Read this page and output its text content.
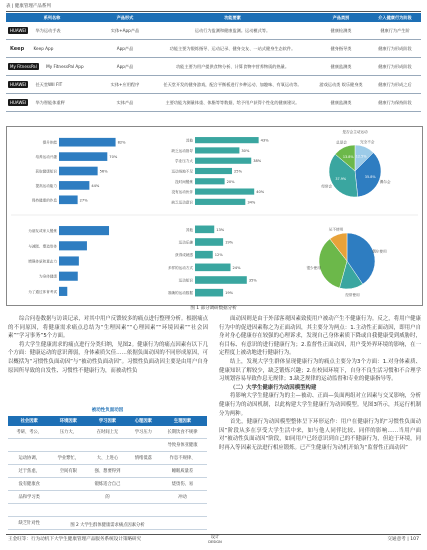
表 | 健康管理产品系列
系列名称	产品形式	功能要素	产品类别	介入健康行为阶段
HUAWEI 华为运动手表	实体+App产品	运动行为监测和健康监测。运动模式等。	健康检测类	健康行为产生阶
Keep Keep App	App产品	功能主要为锻炼指导、运动记录、健身交友、一站式健身生态软件。	健身指导类	健康行为形成阶段
My FitnessPal My FitnessPal App	App产品	功能主要为用户提供食物分析、计算食物中营养物质的热量。	健康监测类	健康行为形成阶段
HUAWEI 任天堂WII FIT	实体+应用程序	任天堂开发的健身游戏，配合平衡板进行多种运动、加趣味、有氧运动等。	游戏运动类 娱乐健身类	健康行为形成之后
HUAWEI 华为智能体重秤	实体产品	主要功能为测量体重、体脂等等数据，给予用户获得个性化的健康建议。	健康监测类	健康行为保持阶段
提升体能	82%
培养运动兴趣	70%
获取健康知识	56%
提高运动能力	44%
保持健康的作息	27%
其他	43%
缺乏运动指导	30%
学业压力大	38%
运动场地不足	25%
没时间锻炼	20%
没有运动伙伴	40%
缺乏运动意识	34%
完全不会
12.5%
偶尔会
35.8%
经常会
37.9%
总是会
13.8%
是否会主动运动
为朋友或家人锻炼
与减肥、塑造形体
增强体质和意志力
为身体健康
为了通过体育考试
其他	13%
运动乐趣	19%
获得成就感	12%
多样的运动方式	24%
运动知识	35%
准确的运动数据	19%
偶尔使用
经常使用
很少使用
从不使用
图 1 部分调研数据分析
综合问卷数据与访谈记录，对其中用户反馈较多的痛点进行整理分析。根据痛点的不同原因，将健康需求痛点总结为“生理因素”“心理因素”“环境因素”“社会因素”“学习事务”5个方面。
将大学生健康需求的痛点进行分类归纳，见图2。健康行为的痛点因素有以下几个方面：健康运动的意识薄弱，身体素质欠佳……依据负面动因的不同形成原因，可以概括为“习惯性负面动因”与“被动性负面动因”。习惯性负面动因主要是由用户自身原因所导致的自发性、习惯性不健康行为，而被动性负
被动性负面动因
社会因素	环境因素	学习因素	心理因素	生理因素
考研、考公、	压力大、	在时间上无	学习压力	长期饮食不规律
				导致身体亚健康
运动协调，	学业繁忙，	大、上进心	情绪低落	作息不规律、
过于焦虑，	空间有限	强、想要得到		睡眠质量差
没有健康食		锻炼适合自己		烧烫伤、易
品和学习类		的		冲动

缺乏针对性					图 2 大学生群体健康需求痛点因素分析
面动因则是由于外部客观因素致使用户被动产生不健康行为。反之，将用户健康行为中的促进因素称之为正面动因，其主要分为两点：1.主动性正面动因，即用户自身对身心健康存在较强的心理诉求，发现自己身体素质下降或自我健康受到威胁时，有目标、有意识的进行健康行为；2.监督性正面动因，用户受外界环境的影响，在一定程度上被动地进行健康行为。
结上，发现大学生群体显现健康行为的痛点主要分为3个方面：1.对身体素质、健康知识了解较少，缺乏锻炼兴趣；2.在校园环境下，自身不良生活习惯和不合理学习规划容易导致作息无规律；3.缺乏规律的运动监督和专业的健康指导等。
（二）大学生健康行为动因模型构建
将影响大学生健康行为的主—被动、正面—负面两组对立因素与交叉影响，分析健康行为的动因机制，以此构建大学生健康行为动因模型。见图3所示，其运行机制分为两种。
首先，健康行为动因模型整体呈下环形运作：用户在健康行为的“习惯性负面动因”阶段从多在享受大学生活中来，如与他人同伴比较、同伴的影响……当用户面对“被动性负面动因”阶段，如同用户已经意识到自己的不健康行为，但迫于环境，同时再入等因素无法进行相应锻炼。已产生健康行为动机开始为“监督性正面动因”
王金旺等：行为动机下大学生健康管理产品服务系统设计策略研究	设计
DESIGN	交通意考 | 107
